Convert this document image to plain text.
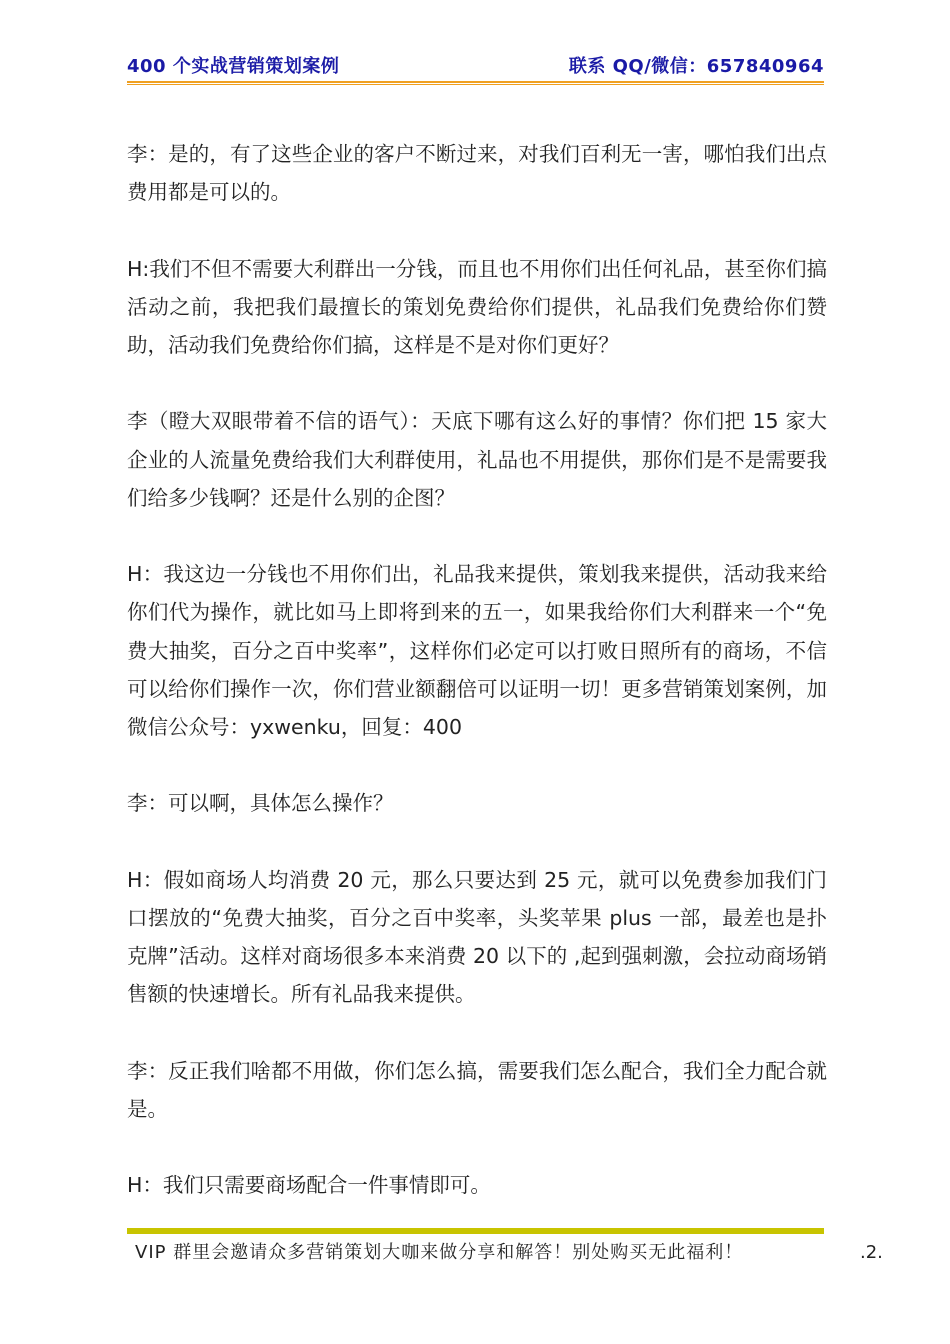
400 个实战营销策划案例	联系 QQ/微信：657840964

李：是的，有了这些企业的客户不断过来，对我们百利无一害，哪怕我们出点费用都是可以的。

H:我们不但不需要大利群出一分钱，而且也不用你们出任何礼品，甚至你们搞活动之前，我把我们最擅长的策划免费给你们提供，礼品我们免费给你们赞助，活动我们免费给你们搞，这样是不是对你们更好？

李（瞪大双眼带着不信的语气）：天底下哪有这么好的事情？你们把 15 家大企业的人流量免费给我们大利群使用，礼品也不用提供，那你们是不是需要我们给多少钱啊？还是什么别的企图？

H：我这边一分钱也不用你们出，礼品我来提供，策划我来提供，活动我来给你们代为操作，就比如马上即将到来的五一，如果我给你们大利群来一个“免费大抽奖，百分之百中奖率”，这样你们必定可以打败日照所有的商场，不信可以给你们操作一次，你们营业额翻倍可以证明一切！更多营销策划案例，加微信公众号：yxwenku，回复：400

李：可以啊，具体怎么操作？

H：假如商场人均消费 20 元，那么只要达到 25 元，就可以免费参加我们门口摆放的“免费大抽奖，百分之百中奖率，头奖苹果 plus 一部，最差也是扑克牌”活动。这样对商场很多本来消费 20 以下的 ,起到强刺激，会拉动商场销售额的快速增长。所有礼品我来提供。

李：反正我们啥都不用做，你们怎么搞，需要我们怎么配合，我们全力配合就是。

H：我们只需要商场配合一件事情即可。

VIP 群里会邀请众多营销策划大咖来做分享和解答！别处购买无此福利！	.2.
